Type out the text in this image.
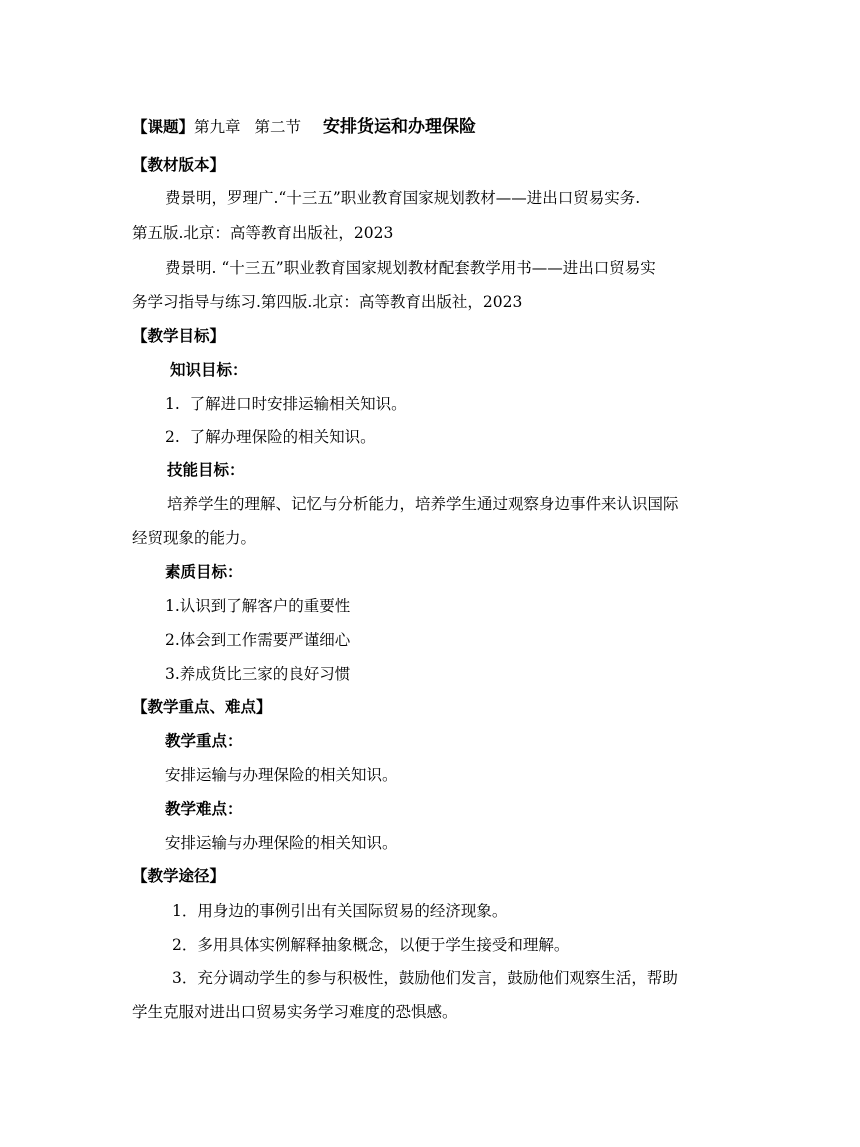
【课题】第九章 第二节 安排货运和办理保险
【教材版本】
费景明，罗理广.“十三五”职业教育国家规划教材——进出口贸易实务.
第五版.北京：高等教育出版社，2023
费景明. “十三五”职业教育国家规划教材配套教学用书——进出口贸易实
务学习指导与练习.第四版.北京：高等教育出版社，2023
【教学目标】
知识目标：
1. 了解进口时安排运输相关知识。
2. 了解办理保险的相关知识。
技能目标：
培养学生的理解、记忆与分析能力，培养学生通过观察身边事件来认识国际
经贸现象的能力。
素质目标：
1.认识到了解客户的重要性
2.体会到工作需要严谨细心
3.养成货比三家的良好习惯
【教学重点、难点】
教学重点：
安排运输与办理保险的相关知识。
教学难点：
安排运输与办理保险的相关知识。
【教学途径】
1．用身边的事例引出有关国际贸易的经济现象。
2．多用具体实例解释抽象概念，以便于学生接受和理解。
3．充分调动学生的参与积极性，鼓励他们发言，鼓励他们观察生活，帮助
学生克服对进出口贸易实务学习难度的恐惧感。
